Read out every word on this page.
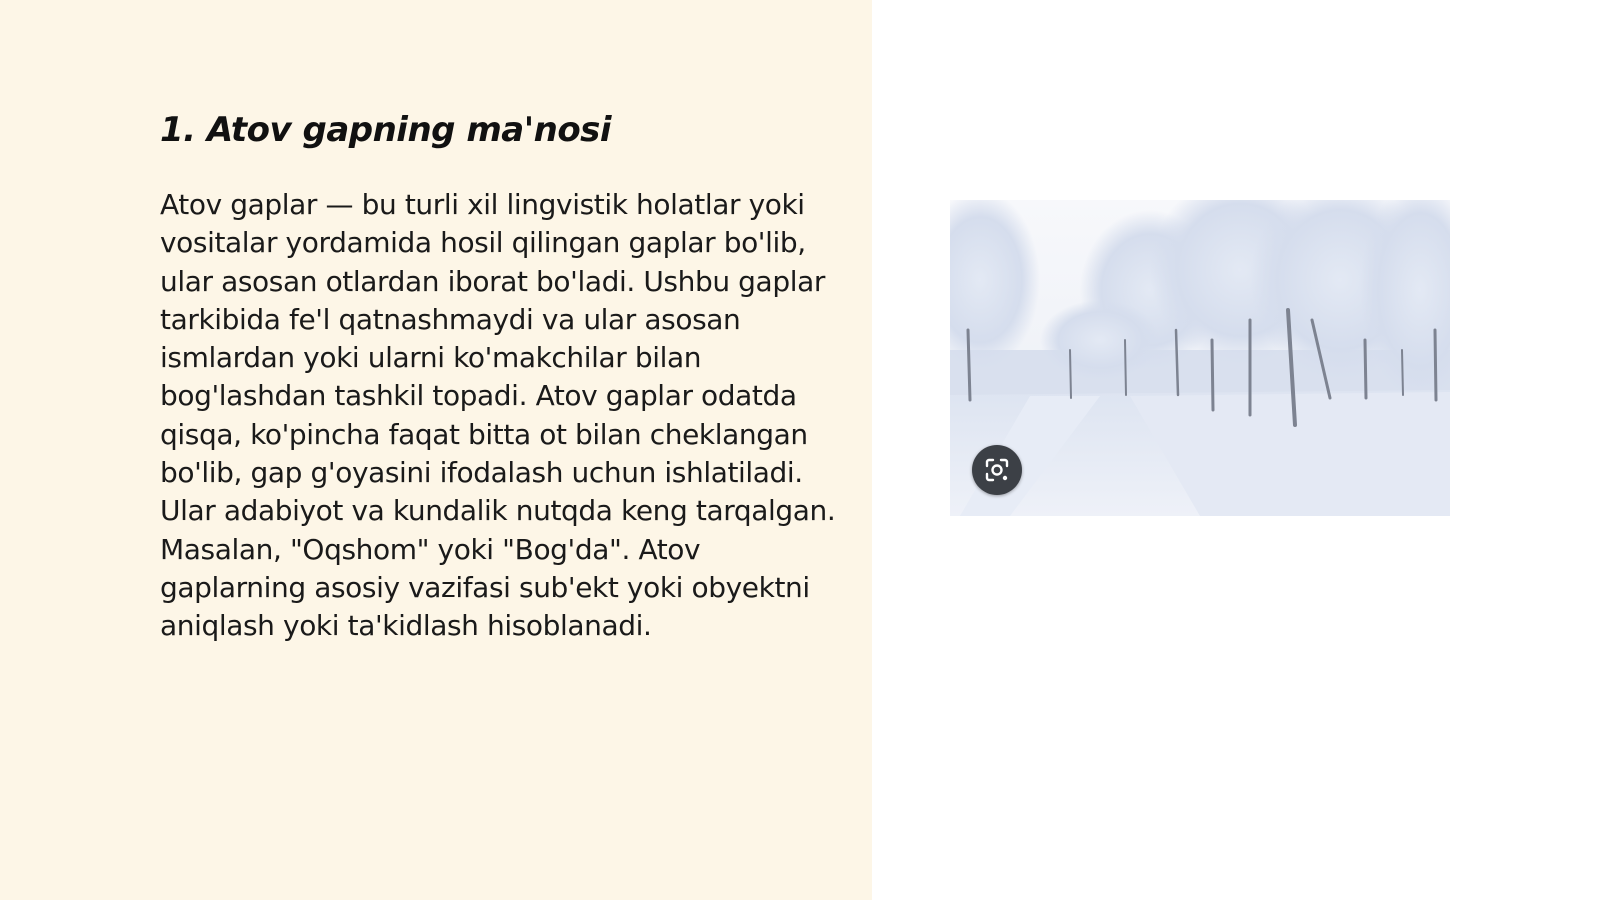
1. Atov gapning ma'nosi

Atov gaplar — bu turli xil lingvistik holatlar yoki vositalar yordamida hosil qilingan gaplar bo'lib, ular asosan otlardan iborat bo'ladi. Ushbu gaplar tarkibida fe'l qatnashmaydi va ular asosan ismlardan yoki ularni ko'makchilar bilan bog'lashdan tashkil topadi. Atov gaplar odatda qisqa, ko'pincha faqat bitta ot bilan cheklangan bo'lib, gap g'oyasini ifodalash uchun ishlatiladi. Ular adabiyot va kundalik nutqda keng tarqalgan. Masalan, "Oqshom" yoki "Bog'da". Atov gaplarning asosiy vazifasi sub'ekt yoki obyektni aniqlash yoki ta'kidlash hisoblanadi.
